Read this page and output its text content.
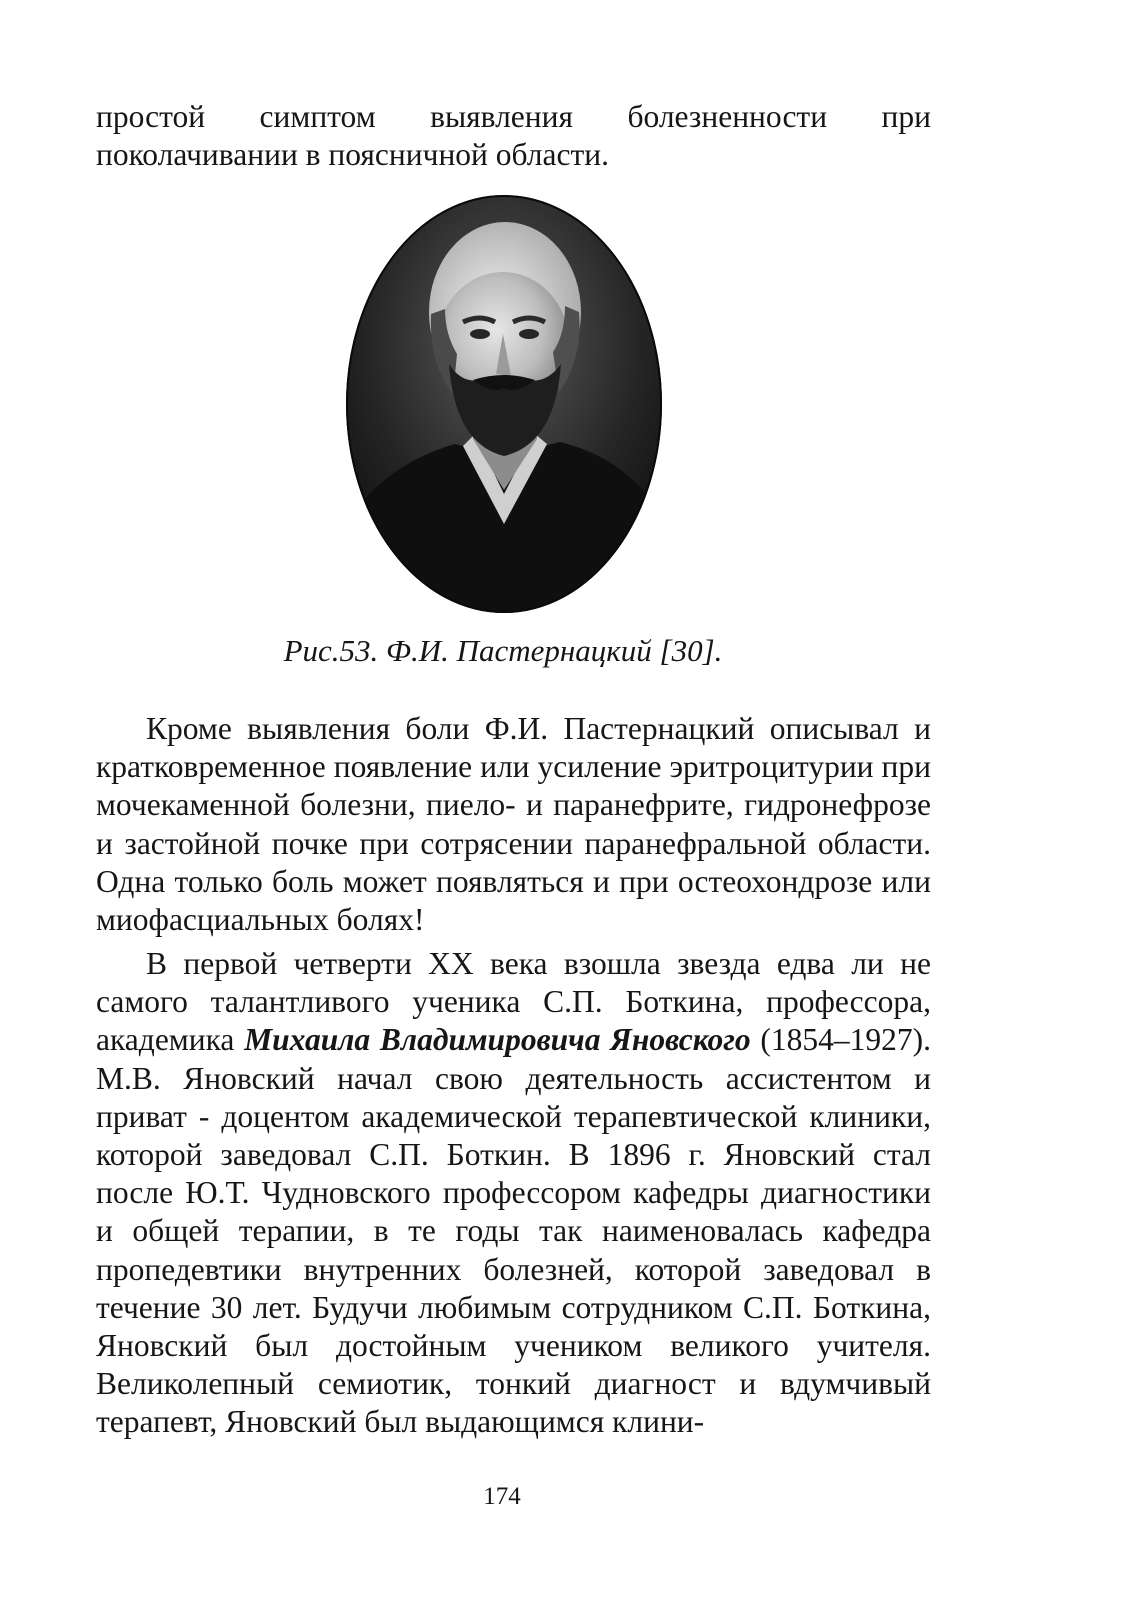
простой симптом выявления болезненности при поколачивании в поясничной области.

Рис.53. Ф.И. Пастернацкий [30].

Кроме выявления боли Ф.И. Пастернацкий описывал и кратковременное появление или усиление эритроцитурии при мочекаменной болезни, пиело- и паранефрите, гидронефрозе и застойной почке при сотрясении паранефральной области. Одна только боль может появляться и при остеохондрозе или миофасциальных болях!

В первой четверти XX века взошла звезда едва ли не самого талантливого ученика С.П. Боткина, профессора, академика Михаила Владимировича Яновского (1854–1927). М.В. Яновский начал свою деятельность ассистентом и приват - доцентом академической терапевтической клиники, которой заведовал С.П. Боткин. В 1896 г. Яновский стал после Ю.Т. Чудновского профессором кафедры диагностики и общей терапии, в те годы так наименовалась кафедра пропедевтики внутренних болезней, которой заведовал в течение 30 лет. Будучи любимым сотрудником С.П. Боткина, Яновский был достойным учеником великого учителя. Великолепный семиотик, тонкий диагност и вдумчивый терапевт, Яновский был выдающимся клини-

174
